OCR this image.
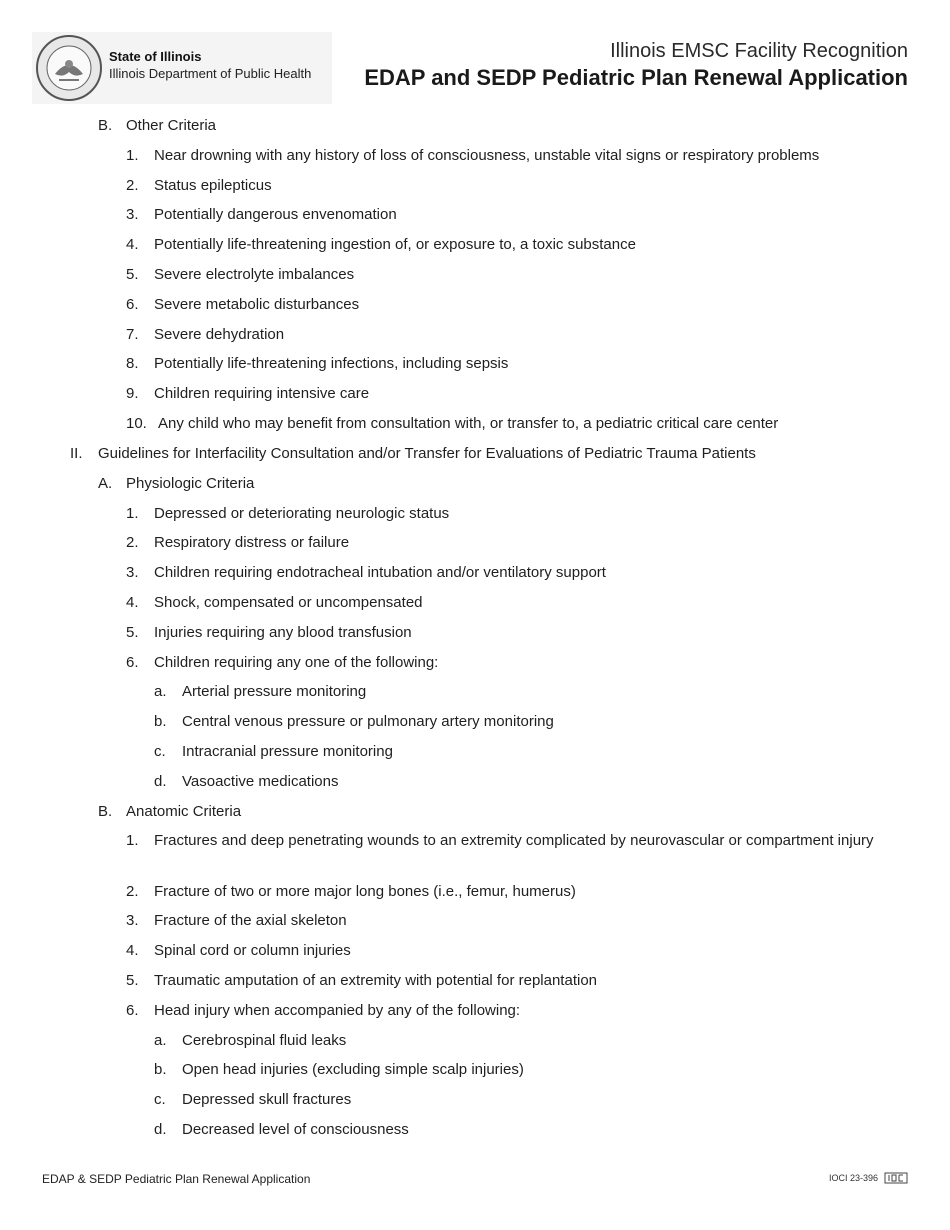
State of Illinois
Illinois Department of Public Health
Illinois EMSC Facility Recognition
EDAP and SEDP Pediatric Plan Renewal Application
B. Other Criteria
1. Near drowning with any history of loss of consciousness, unstable vital signs or respiratory problems
2. Status epilepticus
3. Potentially dangerous envenomation
4. Potentially life-threatening ingestion of, or exposure to, a toxic substance
5. Severe electrolyte imbalances
6. Severe metabolic disturbances
7. Severe dehydration
8. Potentially life-threatening infections, including sepsis
9. Children requiring intensive care
10. Any child who may benefit from consultation with, or transfer to, a pediatric critical care center
II. Guidelines for Interfacility Consultation and/or Transfer for Evaluations of Pediatric Trauma Patients
A. Physiologic Criteria
1. Depressed or deteriorating neurologic status
2. Respiratory distress or failure
3. Children requiring endotracheal intubation and/or ventilatory support
4. Shock, compensated or uncompensated
5. Injuries requiring any blood transfusion
6. Children requiring any one of the following:
a. Arterial pressure monitoring
b. Central venous pressure or pulmonary artery monitoring
c. Intracranial pressure monitoring
d. Vasoactive medications
B. Anatomic Criteria
1. Fractures and deep penetrating wounds to an extremity complicated by neurovascular or compartment injury
2. Fracture of two or more major long bones (i.e., femur, humerus)
3. Fracture of the axial skeleton
4. Spinal cord or column injuries
5. Traumatic amputation of an extremity with potential for replantation
6. Head injury when accompanied by any of the following:
a. Cerebrospinal fluid leaks
b. Open head injuries (excluding simple scalp injuries)
c. Depressed skull fractures
d. Decreased level of consciousness
EDAP & SEDP Pediatric Plan Renewal Application	IOCI 23-396
